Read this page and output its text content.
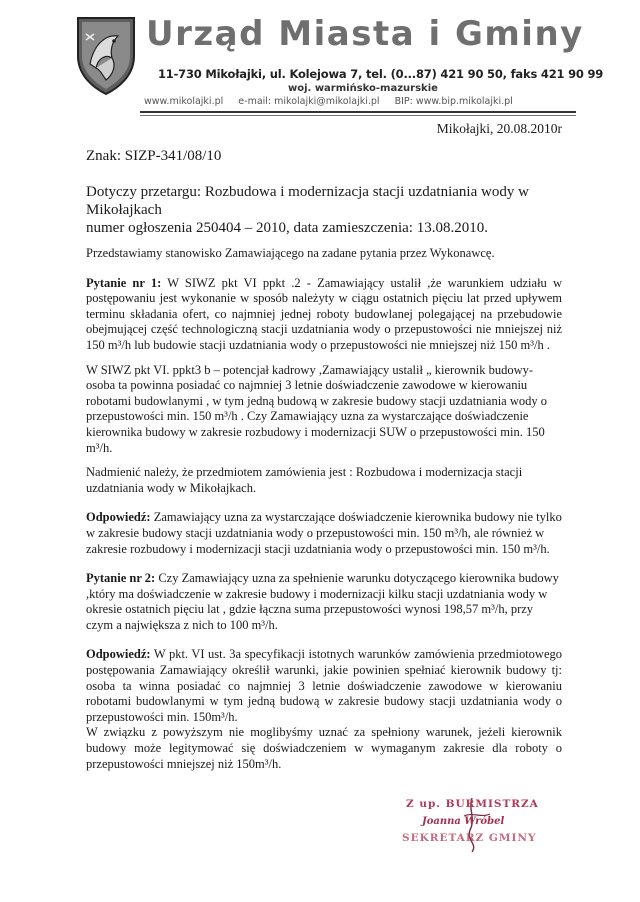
Urząd Miasta i Gminy
11-730 Mikołajki, ul. Kolejowa 7, tel. (0...87) 421 90 50, faks 421 90 99
woj. warmińsko-mazurskie
www.mikolajki.pl e-mail: mikolajki@mikolajki.pl BIP: www.bip.mikolajki.pl
Mikołajki, 20.08.2010r
Znak: SIZP-341/08/10
Dotyczy przetargu: Rozbudowa i modernizacja stacji uzdatniania wody w Mikołajkach
numer ogłoszenia 250404 – 2010, data zamieszczenia: 13.08.2010.

Przedstawiamy stanowisko Zamawiającego na zadane pytania przez Wykonawcę.

Pytanie nr 1: W SIWZ pkt VI ppkt .2 - Zamawiający ustalił ,że warunkiem udziału w postępowaniu jest wykonanie w sposób należyty w ciągu ostatnich pięciu lat przed upływem terminu składania ofert, co najmniej jednej roboty budowlanej polegającej na przebudowie obejmującej część technologiczną stacji uzdatniania wody o przepustowości nie mniejszej niż 150 m³/h lub budowie stacji uzdatniania wody o przepustowości nie mniejszej niż 150 m³/h .

W SIWZ pkt VI. ppkt3 b – potencjał kadrowy ,Zamawiający ustalił „ kierownik budowy-osoba ta powinna posiadać co najmniej 3 letnie doświadczenie zawodowe w kierowaniu robotami budowlanymi , w tym jedną budową w zakresie budowy stacji uzdatniania wody o przepustowości min. 150 m³/h . Czy Zamawiający uzna za wystarczające doświadczenie kierownika budowy w zakresie rozbudowy i modernizacji SUW o przepustowości min. 150 m³/h.

Nadmienić należy, że przedmiotem zamówienia jest : Rozbudowa i modernizacja stacji uzdatniania wody w Mikołajkach.

Odpowiedź: Zamawiający uzna za wystarczające doświadczenie kierownika budowy nie tylko w zakresie budowy stacji uzdatniania wody o przepustowości min. 150 m³/h, ale również w zakresie rozbudowy i modernizacji stacji uzdatniania wody o przepustowości min. 150 m³/h.

Pytanie nr 2: Czy Zamawiający uzna za spełnienie warunku dotyczącego kierownika budowy ,który ma doświadczenie w zakresie budowy i modernizacji kilku stacji uzdatniania wody w okresie ostatnich pięciu lat , gdzie łączna suma przepustowości wynosi 198,57 m³/h, przy czym a największa z nich to 100 m³/h.

Odpowiedź: W pkt. VI ust. 3a specyfikacji istotnych warunków zamówienia przedmiotowego postępowania Zamawiający określił warunki, jakie powinien spełniać kierownik budowy tj: osoba ta winna posiadać co najmniej 3 letnie doświadczenie zawodowe w kierowaniu robotami budowlanymi w tym jedną budową w zakresie budowy stacji uzdatniania wody o przepustowości min. 150m³/h.

W związku z powyższym nie moglibyśmy uznać za spełniony warunek, jeżeli kierownik budowy może legitymować się doświadczeniem w wymaganym zakresie dla roboty o przepustowości mniejszej niż 150m³/h.

Z up. BURMISTRZA
Joanna Wróbel
SEKRETARZ GMINY
